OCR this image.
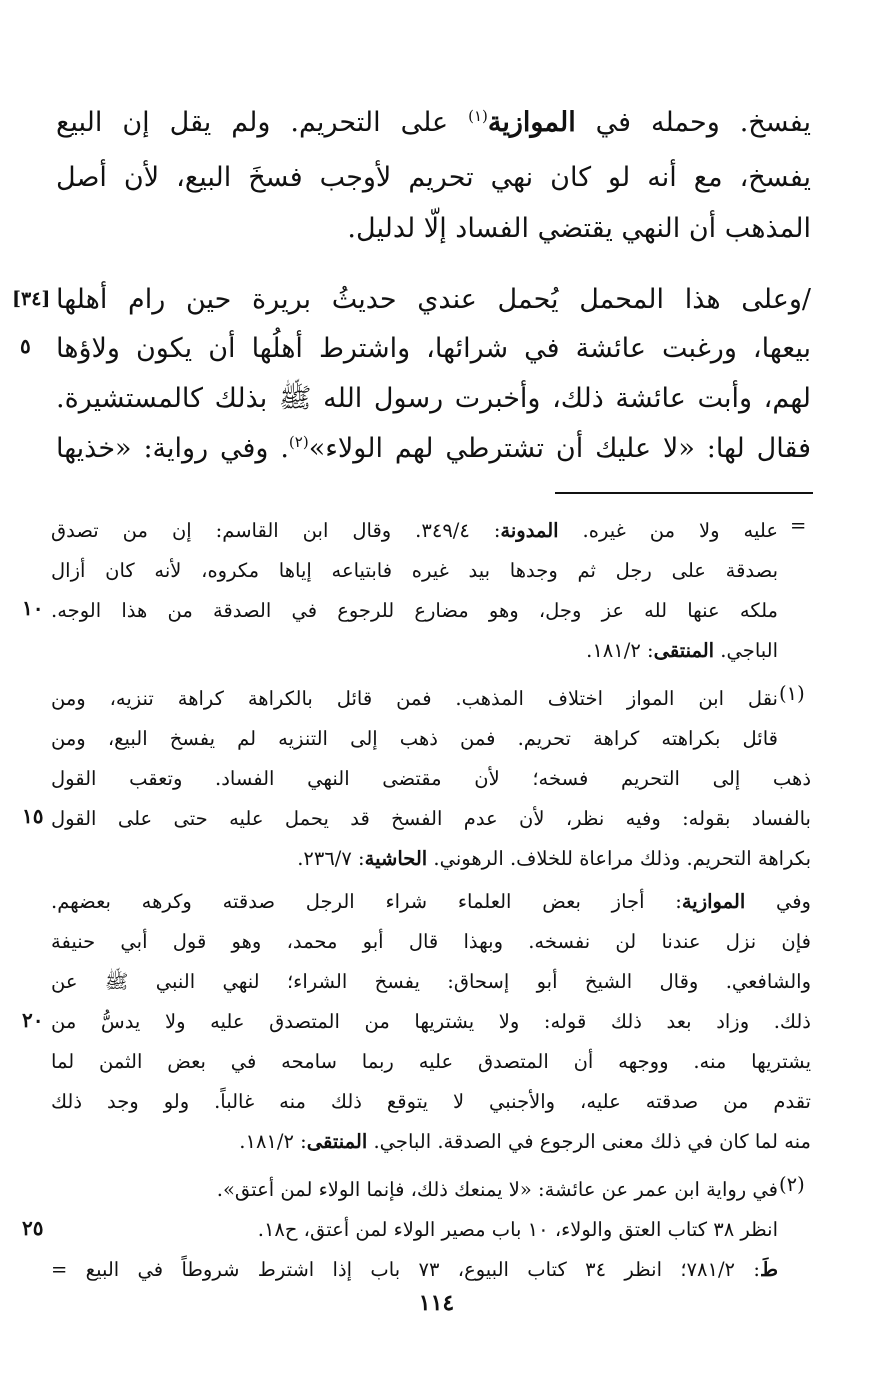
يفسخ. وحمله في الموازية$^{(١)}$ على التحريم. ولم يقل إن البيع
يفسخ، مع أنه لو كان نهي تحريم لأوجب فسخَ البيع، لأن أصل
المذهب أن النهي يقتضي الفساد إلّا لدليل.
[٣٤] /وعلى هذا المحمل يُحمل عندي حديثُ بريرة حين رام أهلها
٥ بيعها، ورغبت عائشة في شرائها، واشترط أهلُها أن يكون ولاؤها
لهم، وأبت عائشة ذلك، وأخبرت رسول الله ﷺ بذلك كالمستشيرة.
فقال لها: «لا عليك أن تشترطي لهم الولاء»$^{(٢)}$. وفي رواية: «خذيها
=
عليه ولا من غيره. المدونة: ٣٤٩/٤. وقال ابن القاسم: إن من تصدق
بصدقة على رجل ثم وجدها بيد غيره فابتياعه إياها مكروه، لأنه كان أزال
١٠ ملكه عنها لله عز وجل، وهو مضارع للرجوع في الصدقة من هذا الوجه.
الباجي. المنتقى: ١٨١/٢.
(١)
نقل ابن المواز اختلاف المذهب. فمن قائل بالكراهة كراهة تنزيه، ومن
قائل بكراهته كراهة تحريم. فمن ذهب إلى التنزيه لم يفسخ البيع، ومن
ذهب إلى التحريم فسخه؛ لأن مقتضى النهي الفساد. وتعقب القول
١٥ بالفساد بقوله: وفيه نظر، لأن عدم الفسخ قد يحمل عليه حتى على القول
بكراهة التحريم. وذلك مراعاة للخلاف. الرهوني. الحاشية: ٢٣٦/٧.
وفي الموازية: أجاز بعض العلماء شراء الرجل صدقته وكرهه بعضهم.
فإن نزل عندنا لن نفسخه. وبهذا قال أبو محمد، وهو قول أبي حنيفة
والشافعي. وقال الشيخ أبو إسحاق: يفسخ الشراء؛ لنهي النبي ﷺ عن
٢٠ ذلك. وزاد بعد ذلك قوله: ولا يشتريها من المتصدق عليه ولا يدسُّ من
يشتريها منه. ووجهه أن المتصدق عليه ربما سامحه في بعض الثمن لما
تقدم من صدقته عليه، والأجنبي لا يتوقع ذلك منه غالباً. ولو وجد ذلك
منه لما كان في ذلك معنى الرجوع في الصدقة. الباجي. المنتقى: ١٨١/٢.
(٢)
في رواية ابن عمر عن عائشة: «لا يمنعك ذلك، فإنما الولاء لمن أعتق».
٢٥	انظر ٣٨ كتاب العتق والولاء، ١٠ باب مصير الولاء لمن أعتق، ح١٨.
طَ: ٧٨١/٢؛ انظر ٣٤ كتاب البيوع، ٧٣ باب إذا اشترط شروطاً في البيع =
١١٤
